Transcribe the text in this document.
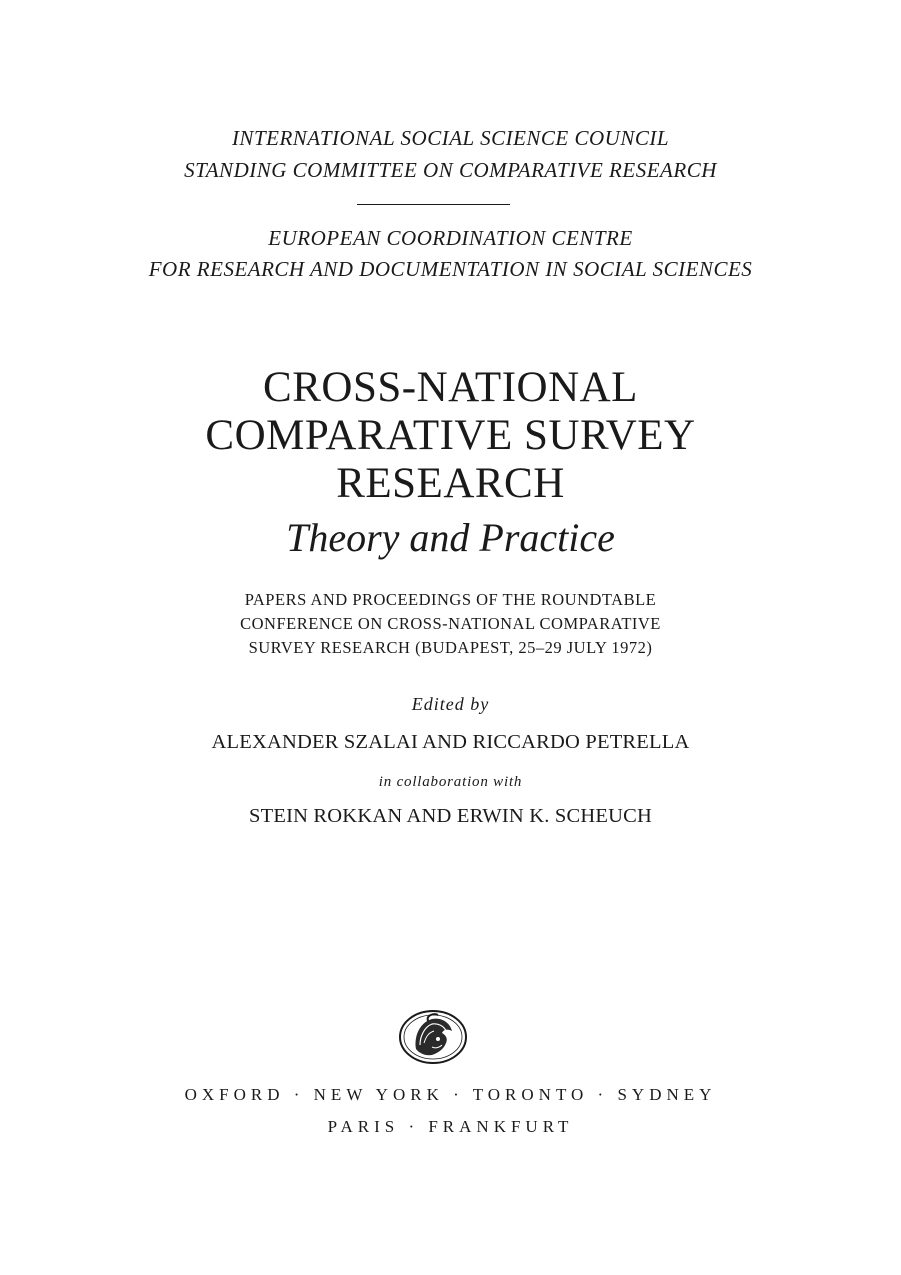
INTERNATIONAL SOCIAL SCIENCE COUNCIL
STANDING COMMITTEE ON COMPARATIVE RESEARCH
EUROPEAN COORDINATION CENTRE
FOR RESEARCH AND DOCUMENTATION IN SOCIAL SCIENCES
CROSS-NATIONAL
COMPARATIVE SURVEY
RESEARCH
Theory and Practice
PAPERS AND PROCEEDINGS OF THE ROUNDTABLE
CONFERENCE ON CROSS-NATIONAL COMPARATIVE
SURVEY RESEARCH (BUDAPEST, 25–29 JULY 1972)
Edited by
ALEXANDER SZALAI AND RICCARDO PETRELLA
in collaboration with
STEIN ROKKAN AND ERWIN K. SCHEUCH
OXFORD · NEW YORK · TORONTO · SYDNEY
PARIS · FRANKFURT
